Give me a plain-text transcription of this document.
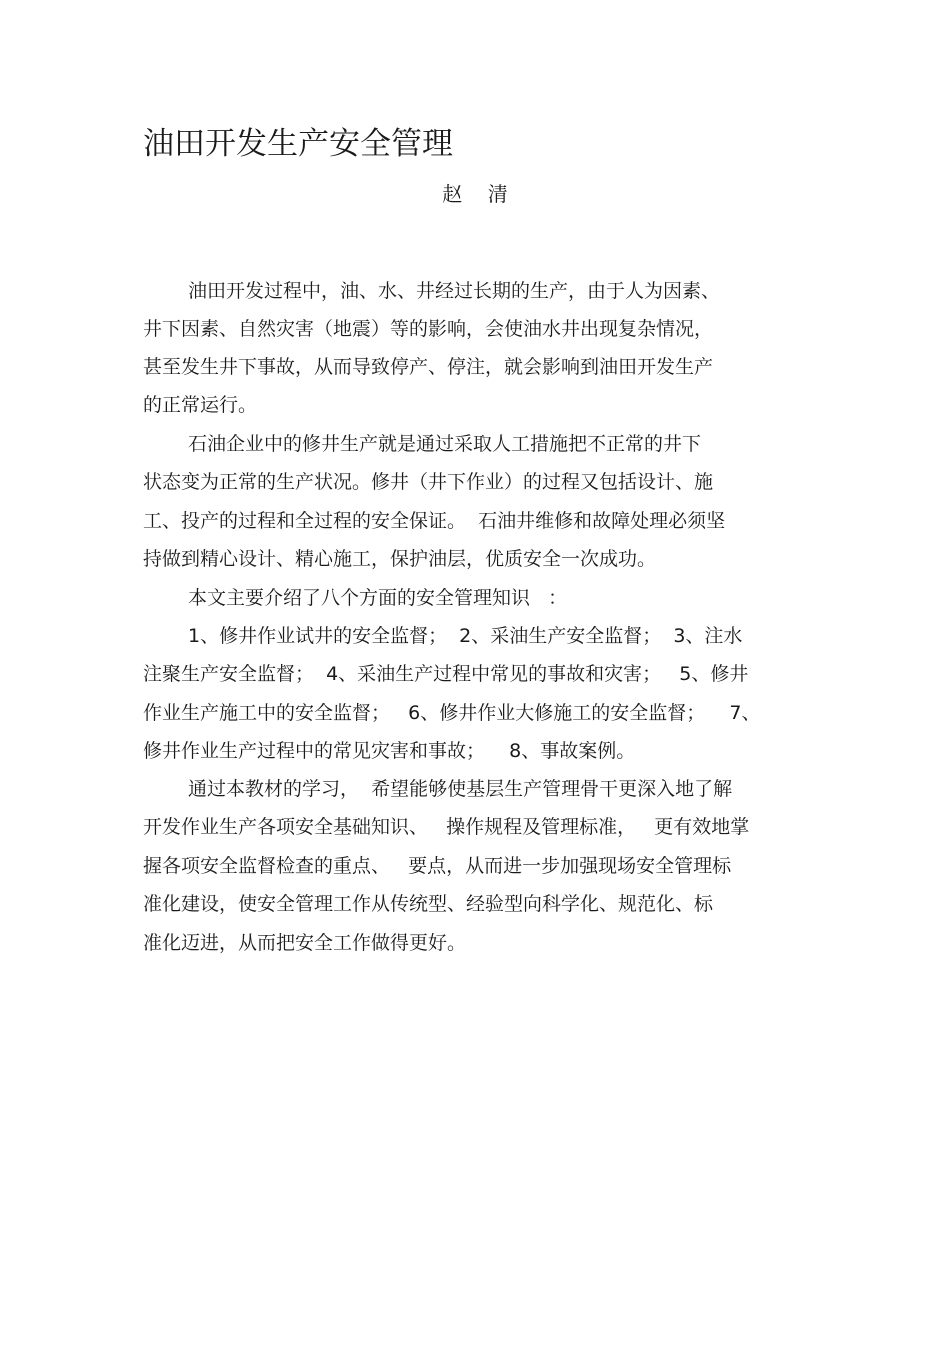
油田开发生产安全管理
赵    清
油田开发过程中，油、水、井经过长期的生产，由于人为因素、
井下因素、自然灾害（地震）等的影响，会使油水井出现复杂情况，
甚至发生井下事故，从而导致停产、停注，就会影响到油田开发生产
的正常运行。
石油企业中的修井生产就是通过采取人工措施把不正常的井下
状态变为正常的生产状况。修井（井下作业）的过程又包括设计、施
工、投产的过程和全过程的安全保证。  石油井维修和故障处理必须坚
持做到精心设计、精心施工，保护油层，优质安全一次成功。
本文主要介绍了八个方面的安全管理知识   ：
1、修井作业试井的安全监督；  2、采油生产安全监督；  3、注水
注聚生产安全监督；  4、采油生产过程中常见的事故和灾害；   5、修井
作业生产施工中的安全监督；   6、修井作业大修施工的安全监督；    7、
修井作业生产过程中的常见灾害和事故；    8、事故案例。
通过本教材的学习，  希望能够使基层生产管理骨干更深入地了解
开发作业生产各项安全基础知识、   操作规程及管理标准，   更有效地掌
握各项安全监督检查的重点、   要点，从而进一步加强现场安全管理标
准化建设，使安全管理工作从传统型、经验型向科学化、规范化、标
准化迈进，从而把安全工作做得更好。
